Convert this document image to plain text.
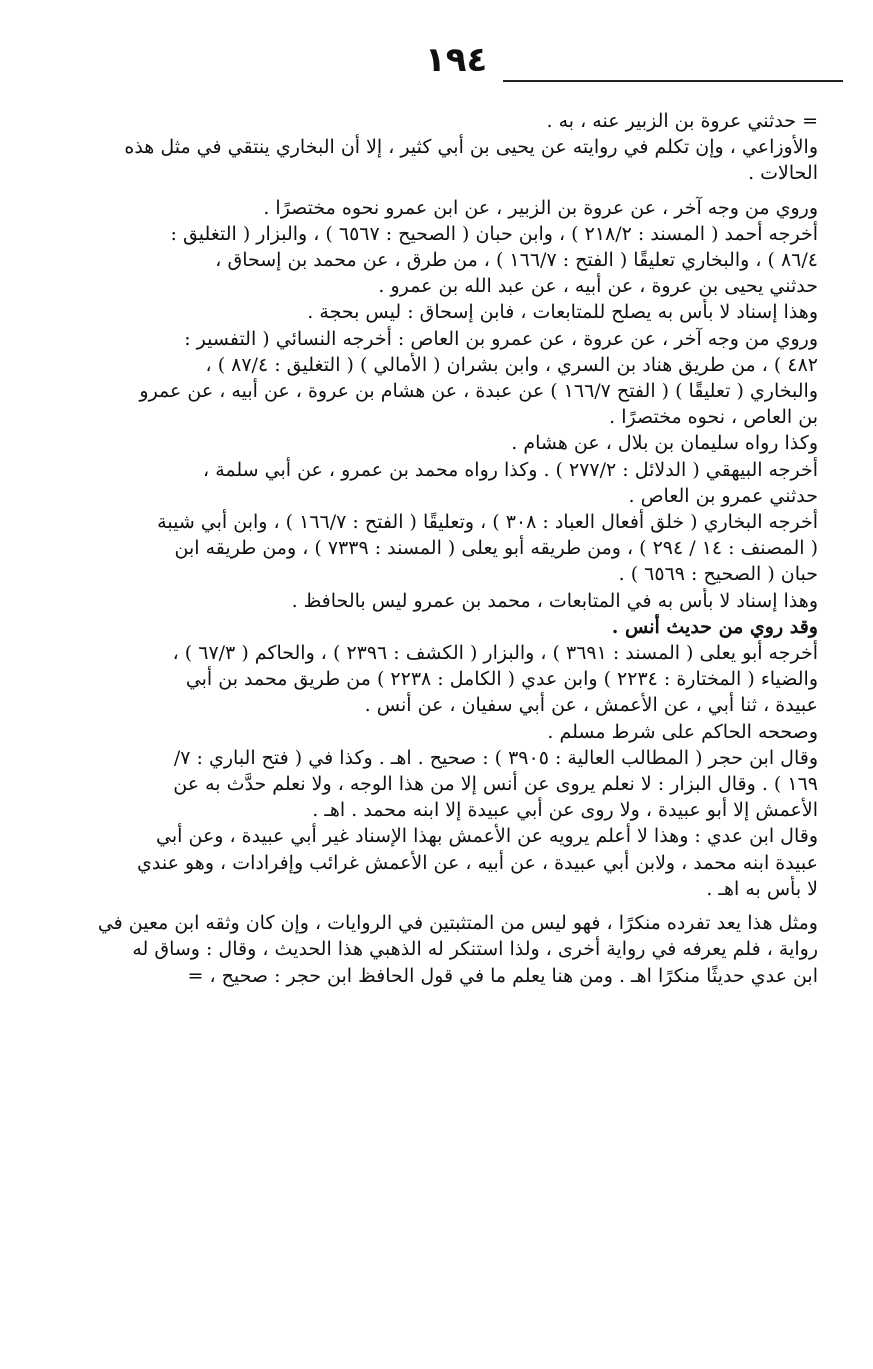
١٩٤
= حدثني عروة بن الزبير عنه ، به .
والأوزاعي ، وإن تكلم في روايته عن يحيى بن أبي كثير ، إلا أن البخاري ينتقي في مثل هذه
الحالات .
وروي من وجه آخر ، عن عروة بن الزبير ، عن ابن عمرو نحوه مختصرًا .
أخرجه أحمد ( المسند : ٢١٨/٢ ) ، وابن حبان ( الصحيح : ٦٥٦٧ ) ، والبزار ( التغليق :
٨٦/٤ ) ، والبخاري تعليقًا ( الفتح : ١٦٦/٧ ) ، من طرق ، عن محمد بن إسحاق ،
حدثني يحيى بن عروة ، عن أبيه ، عن عبد الله بن عمرو .
وهذا إسناد لا بأس به يصلح للمتابعات ، فابن إسحاق : ليس بحجة .
وروي من وجه آخر ، عن عروة ، عن عمرو بن العاص : أخرجه النسائي ( التفسير :
٤٨٢ ) ، من طريق هناد بن السري ، وابن بشران ( الأمالي ) ( التغليق : ٨٧/٤ ) ،
والبخاري ( تعليقًا ) ( الفتح ١٦٦/٧ ) عن عبدة ، عن هشام بن عروة ، عن أبيه ، عن عمرو
بن العاص ، نحوه مختصرًا .
وكذا رواه سليمان بن بلال ، عن هشام .
أخرجه البيهقي ( الدلائل : ٢٧٧/٢ ) . وكذا رواه محمد بن عمرو ، عن أبي سلمة ،
حدثني عمرو بن العاص .
أخرجه البخاري ( خلق أفعال العباد : ٣٠٨ ) ، وتعليقًا ( الفتح : ١٦٦/٧ ) ، وابن أبي شيبة
( المصنف : ١٤ / ٢٩٤ ) ، ومن طريقه أبو يعلى ( المسند : ٧٣٣٩ ) ، ومن طريقه ابن
حبان ( الصحيح : ٦٥٦٩ ) .
وهذا إسناد لا بأس به في المتابعات ، محمد بن عمرو ليس بالحافظ .
وقد روي من حديث أنس .
أخرجه أبو يعلى ( المسند : ٣٦٩١ ) ، والبزار ( الكشف : ٢٣٩٦ ) ، والحاكم ( ٦٧/٣ ) ،
والضياء ( المختارة : ٢٢٣٤ ) وابن عدي ( الكامل : ٢٢٣٨ ) من طريق محمد بن أبي
عبيدة ، ثنا أبي ، عن الأعمش ، عن أبي سفيان ، عن أنس .
وصححه الحاكم على شرط مسلم .
وقال ابن حجر ( المطالب العالية : ٣٩٠٥ ) : صحيح . اهـ . وكذا في ( فتح الباري : ٧/
١٦٩ ) . وقال البزار : لا نعلم يروى عن أنس إلا من هذا الوجه ، ولا نعلم حدَّث به عن
الأعمش إلا أبو عبيدة ، ولا روى عن أبي عبيدة إلا ابنه محمد . اهـ .
وقال ابن عدي : وهذا لا أعلم يرويه عن الأعمش بهذا الإسناد غير أبي عبيدة ، وعن أبي
عبيدة ابنه محمد ، ولابن أبي عبيدة ، عن أبيه ، عن الأعمش غرائب وإفرادات ، وهو عندي
لا بأس به اهـ .
ومثل هذا يعد تفرده منكرًا ، فهو ليس من المتثبتين في الروايات ، وإن كان وثقه ابن معين في
رواية ، فلم يعرفه في رواية أخرى ، ولذا استنكر له الذهبي هذا الحديث ، وقال : وساق له
ابن عدي حديثًا منكرًا اهـ . ومن هنا يعلم ما في قول الحافظ ابن حجر : صحيح ، =
